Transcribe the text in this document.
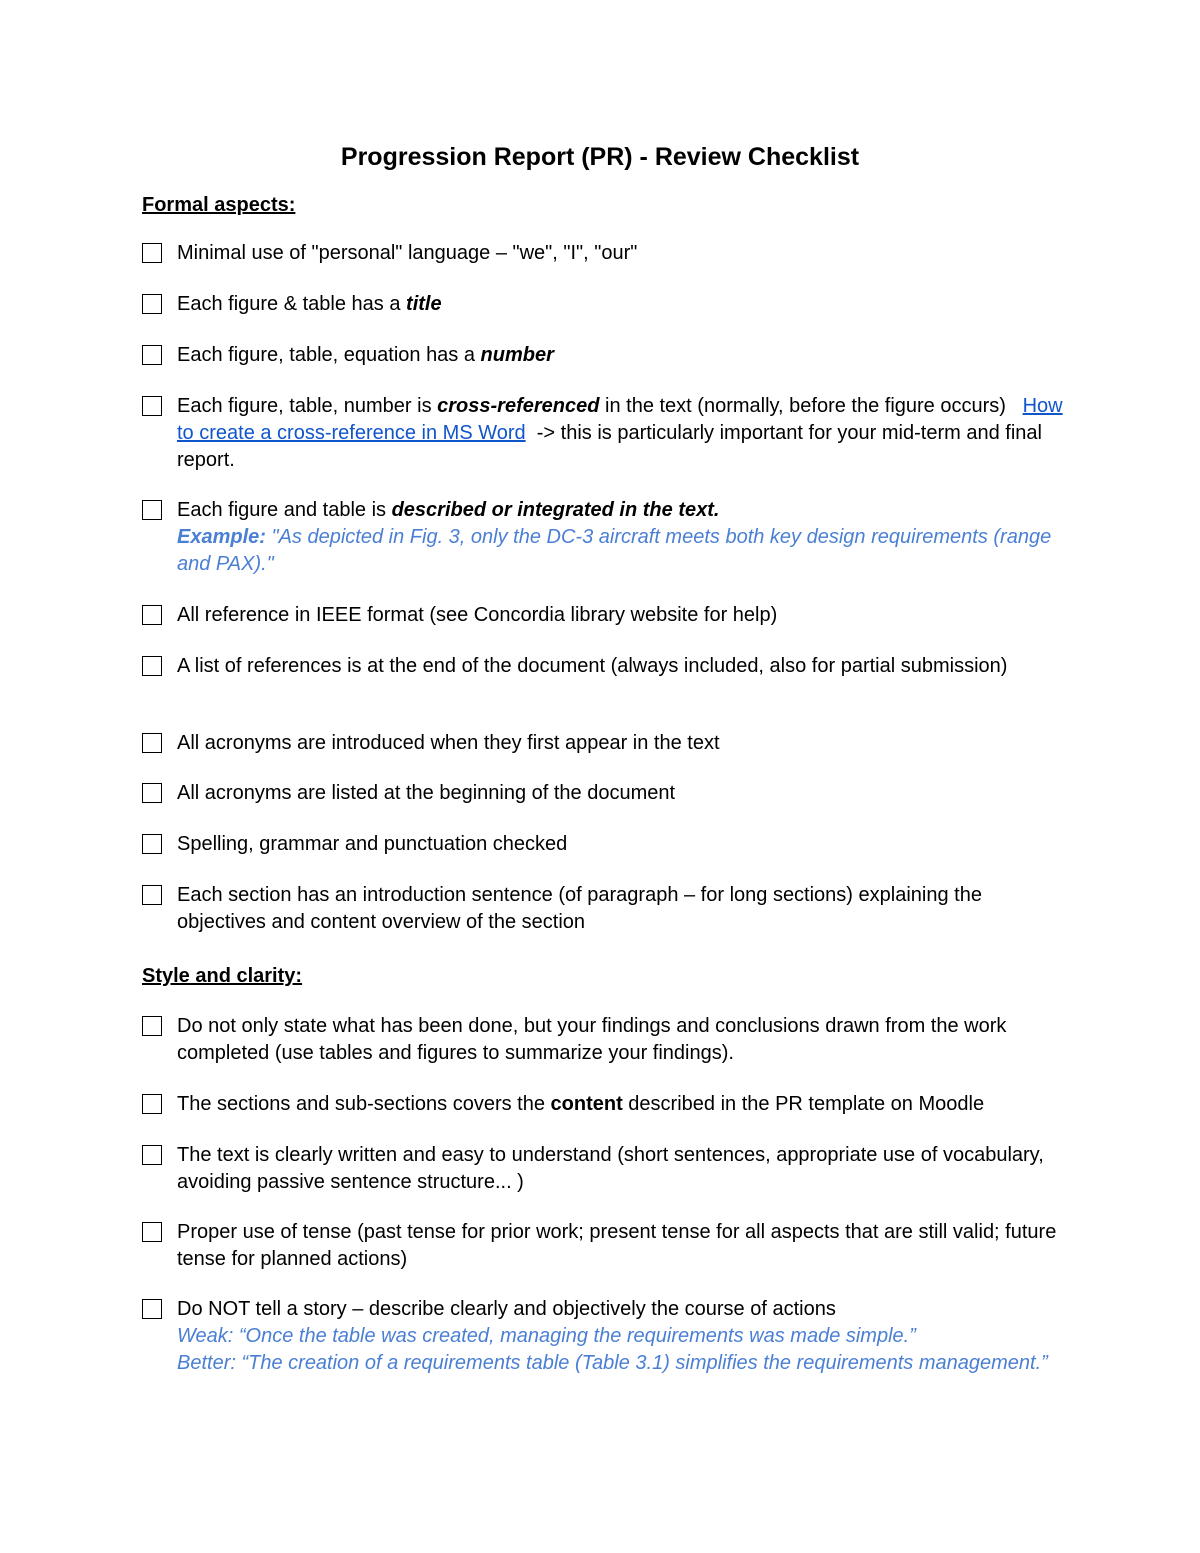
Progression Report (PR) - Review Checklist
Formal aspects:
Minimal use of "personal" language – "we", "I", "our"
Each figure & table has a title
Each figure, table, equation has a number
Each figure, table, number is cross-referenced in the text (normally, before the figure occurs)   How to create a cross-reference in MS Word  -> this is particularly important for your mid-term and final report.
Each figure and table is described or integrated in the text.
Example: "As depicted in Fig. 3, only the DC-3 aircraft meets both key design requirements (range and PAX)."
All reference in IEEE format (see Concordia library website for help)
A list of references is at the end of the document (always included, also for partial submission)
All acronyms are introduced when they first appear in the text
All acronyms are listed at the beginning of the document
Spelling, grammar and punctuation checked
Each section has an introduction sentence (of paragraph – for long sections) explaining the objectives and content overview of the section
Style and clarity:
Do not only state what has been done, but your findings and conclusions drawn from the work completed (use tables and figures to summarize your findings).
The sections and sub-sections covers the content described in the PR template on Moodle
The text is clearly written and easy to understand (short sentences, appropriate use of vocabulary, avoiding passive sentence structure... )
Proper use of tense (past tense for prior work; present tense for all aspects that are still valid; future tense for planned actions)
Do NOT tell a story – describe clearly and objectively the course of actions
Weak: “Once the table was created, managing the requirements was made simple.”
Better: “The creation of a requirements table (Table 3.1) simplifies the requirements management.”
